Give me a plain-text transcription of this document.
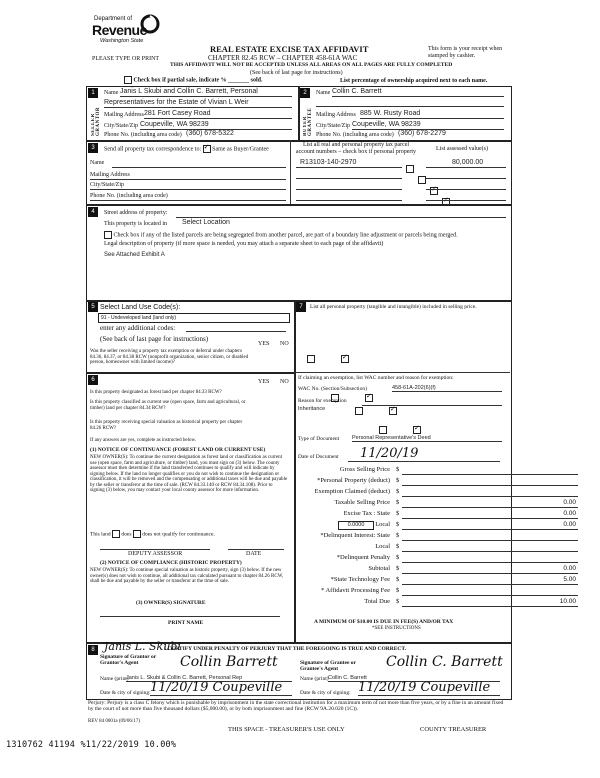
Department of
Revenue
Washington State
PLEASE TYPE OR PRINT
REAL ESTATE EXCISE TAX AFFIDAVIT
CHAPTER 82.45 RCW – CHAPTER 458-61A WAC
THIS AFFIDAVIT WILL NOT BE ACCEPTED UNLESS ALL AREAS ON ALL PAGES ARE FULLY COMPLETED
(See back of last page for instructions)
This form is your receipt when stamped by cashier.
Check box if partial sale, indicate % _______ sold.	List percentage of ownership acquired next to each name.
1	2
SELLER GRANTOR	BUYER GRANTEE
Name Janis L Skubi and Collin C. Barrett, Personal
Representatives for the Estate of Vivian L Weir
Mailing Address 281 Fort Casey Road
City/State/Zip Coupeville, WA 98239
Phone No. (including area code) (360) 678-5322
Name Collin C. Barrett
Mailing Address 885 W. Rusty Road
City/State/Zip Coupeville, WA 98239
Phone No. (including area code) (360) 678-2279
3	Send all property tax correspondence to: ✓ Same as Buyer/Grantee
List all real and personal property tax parcel account numbers – check box if personal property	List assessed value(s)
Name
Mailing Address
City/State/Zip
Phone No. (including area code)
R13103-140-2970
✓ ✓	80,000.00
4	Street address of property:
This property is located in Select Location
Check box if any of the listed parcels are being segregated from another parcel, are part of a boundary line adjustment or parcels being merged.
Legal description of property (if more space is needed, you may attach a separate sheet to each page of the affidavit)
See Attached Exhibit A
5 Select Land Use Code(s):
91 - Undeveloped land (land only)
enter any additional codes:
(See back of last page for instructions)
YES NO
Was the seller receiving a property tax exemption or deferral under chapters 84.36, 84.37, or 84.38 RCW (nonprofit organization, senior citizen, or disabled person, homeowner with limited income)?
✓
6	YES NO
Is this property designated as forest land per chapter 84.33 RCW?
✓
Is this property classified as current use (open space, farm and agricultural, or timber) land per chapter 84.34 RCW?
✓
Is this property receiving special valuation as historical property per chapter 84.26 RCW?
✓
If any answers are yes, complete as instructed below.
(1) NOTICE OF CONTINUANCE (FOREST LAND OR CURRENT USE)
NEW OWNER(S): To continue the current designation as forest land or classification as current use (open space, farm and agriculture, or timber) land, you must sign on (3) below. The county assessor must then determine if the land transferred continues to qualify and will indicate by signing below. If the land no longer qualifies or you do not wish to continue the designation or classification, it will be removed and the compensating or additional taxes will be due and payable by the seller or transferor at the time of sale. (RCW 84.33.140 or RCW 84.34.108). Prior to signing (3) below, you may contact your local county assessor for more information.
This land does does not qualify for continuance.
DEPUTY ASSESSOR	DATE
(2) NOTICE OF COMPLIANCE (HISTORIC PROPERTY)
NEW OWNER(S): To continue special valuation as historic property, sign (3) below. If the new owner(s) does not wish to continue, all additional tax calculated pursuant to chapter 84.26 RCW, shall be due and payable by the seller or transferor at the time of sale.
(3) OWNER(S) SIGNATURE
PRINT NAME
7	List all personal property (tangible and intangible) included in selling price.
If claiming an exemption, list WAC number and reason for exemption:
WAC No. (Section/Subsection)	458-61A-202(6)(f)
Reason for exemption
Inheritance
Type of Document Personal Representative's Deed
Date of Document 11/20/19
Gross Selling Price $
*Personal Property (deduct) $
Exemption Claimed (deduct) $
Taxable Selling Price $	0.00
Excise Tax : State $	0.00
Local $	0.00
*Delinquent Interest: State $
Local $
*Delinquent Penalty $
Subtotal $	0.00
*State Technology Fee $	5.00
* Affidavit Processing Fee $
Total Due $	10.00
0.0000
A MINIMUM OF $10.00 IS DUE IN FEE(S) AND/OR TAX
*SEE INSTRUCTIONS
8 Janis L. Skubi
I CERTIFY UNDER PENALTY OF PERJURY THAT THE FOREGOING IS TRUE AND CORRECT.
Signature of Grantor or Grantor's Agent	Collin Barrett	Signature of Grantee or Grantee's Agent	Collin C. Barrett
Name (print)
Janis L. Skubi & Collin C. Barrett, Personal Rep	Name (print) Collin C. Barrett
Date & city of signing: 11/20/19 Coupeville	Date & city of signing: 11/20/19 Coupeville
Perjury: Perjury is a class C felony which is punishable by imprisonment in the state correctional institution for a maximum term of not more than five years, or by a fine in an amount fixed by the court of not more than five thousand dollars ($5,000.00), or by both imprisonment and fine (RCW 9A.20.020 (1C)).
REV 84 0001a (09/06/17)
THIS SPACE - TREASURER'S USE ONLY	COUNTY TREASURER
1310762 41194 %11/22/2019 10.00%
